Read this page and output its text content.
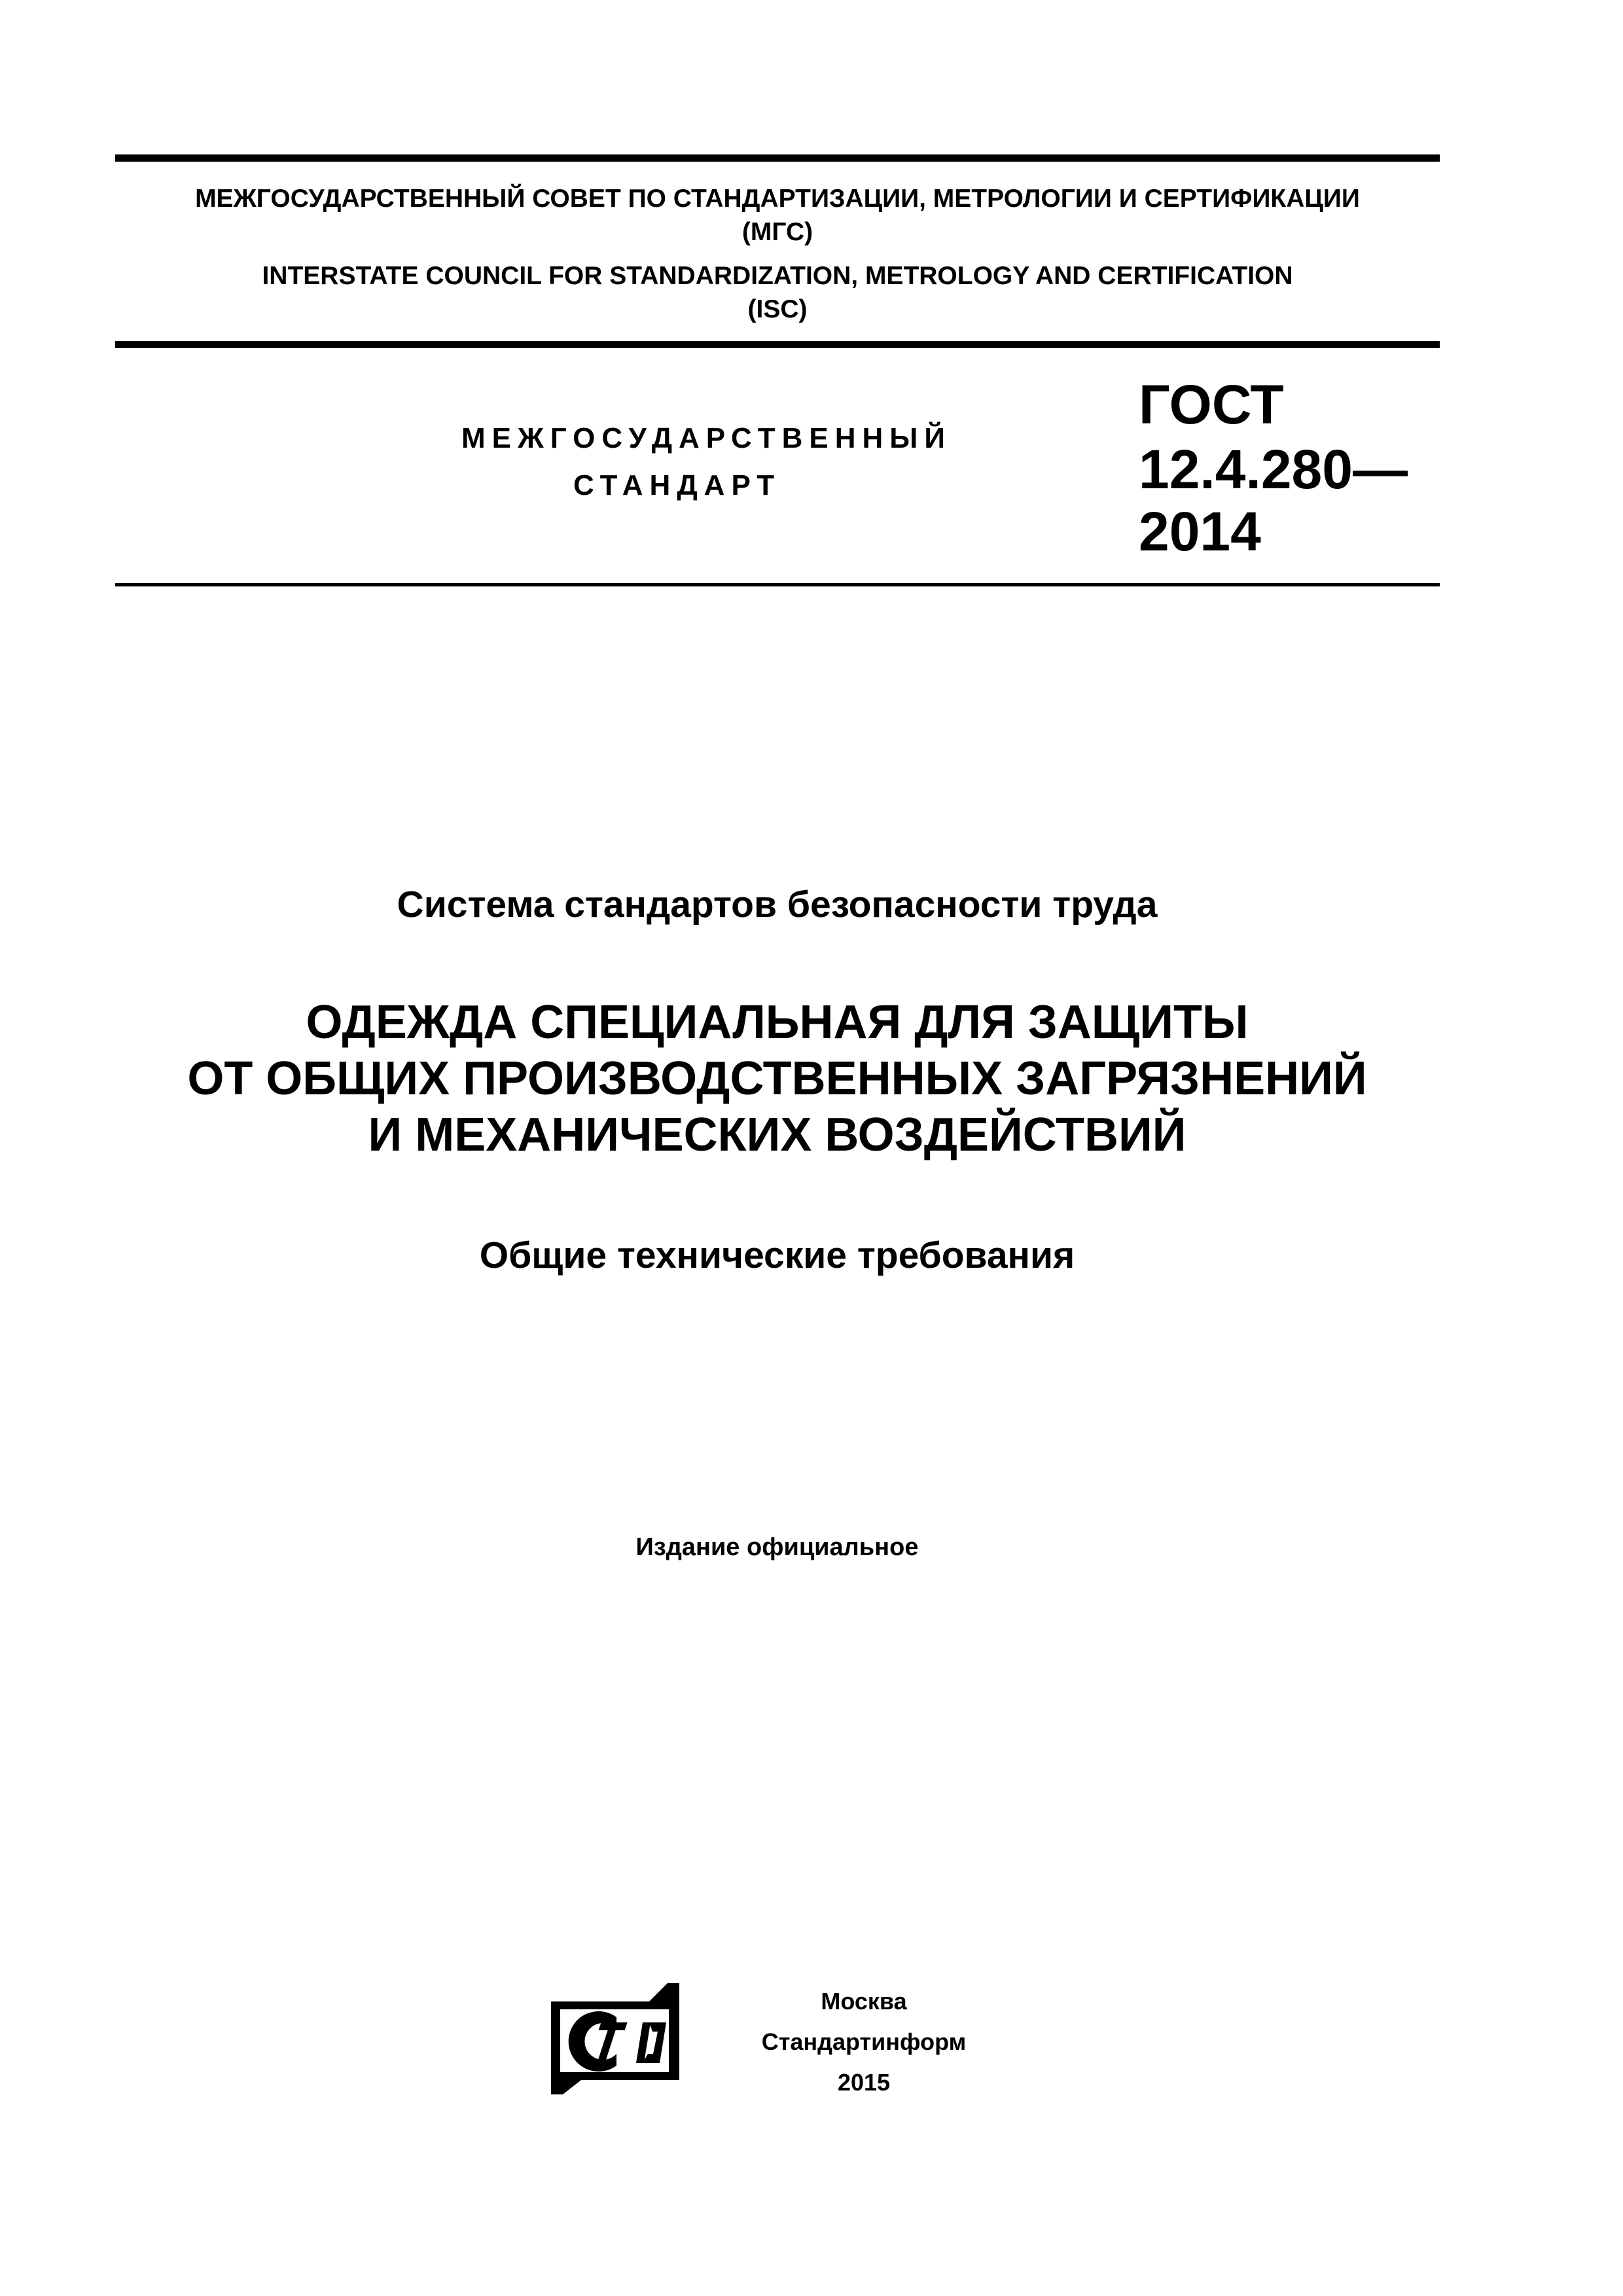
МЕЖГОСУДАРСТВЕННЫЙ СОВЕТ ПО СТАНДАРТИЗАЦИИ, МЕТРОЛОГИИ И СЕРТИФИКАЦИИ
(МГС)
INTERSTATE COUNCIL FOR STANDARDIZATION, METROLOGY AND CERTIFICATION
(ISC)
МЕЖГОСУДАРСТВЕННЫЙ
СТАНДАРТ
ГОСТ
12.4.280—
2014
Система стандартов безопасности труда
ОДЕЖДА СПЕЦИАЛЬНАЯ ДЛЯ ЗАЩИТЫ
ОТ ОБЩИХ ПРОИЗВОДСТВЕННЫХ ЗАГРЯЗНЕНИЙ
И МЕХАНИЧЕСКИХ ВОЗДЕЙСТВИЙ
Общие технические требования
Издание официальное
Москва
Стандартинформ
2015
